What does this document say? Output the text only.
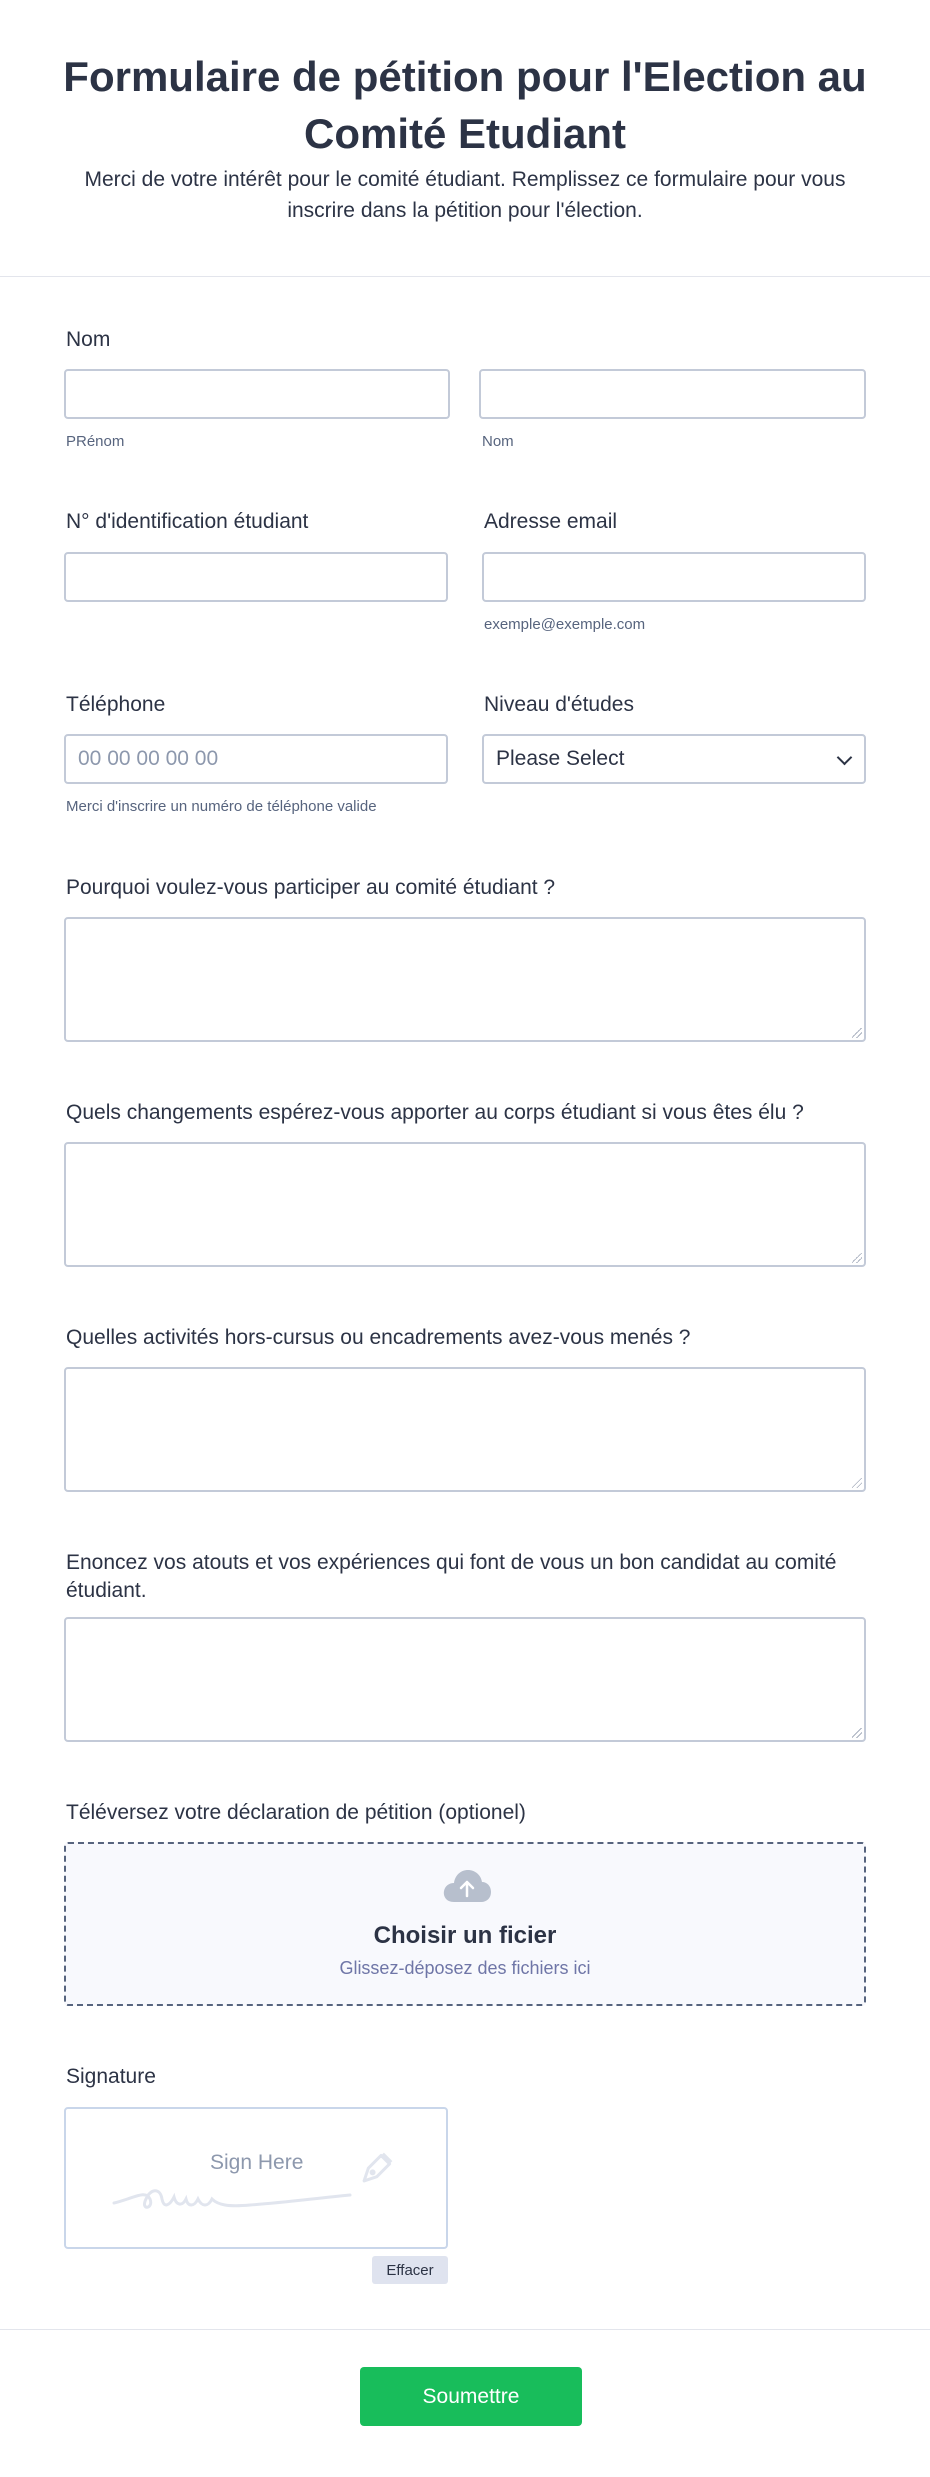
Formulaire de pétition pour l'Election au Comité Etudiant

Merci de votre intérêt pour le comité étudiant. Remplissez ce formulaire pour vous inscrire dans la pétition pour l'élection.

Nom
PRénom	Nom
N° d'identification étudiant	Adresse email
exemple@exemple.com
Téléphone
00 00 00 00 00
Merci d'inscrire un numéro de téléphone valide
Niveau d'études
Please Select
Pourquoi voulez-vous participer au comité étudiant ?
Quels changements espérez-vous apporter au corps étudiant si vous êtes élu ?
Quelles activités hors-cursus ou encadrements avez-vous menés ?
Enoncez vos atouts et vos expériences qui font de vous un bon candidat au comité étudiant.
Téléversez votre déclaration de pétition (optionel)
Choisir un ficier
Glissez-déposez des fichiers ici
Signature
Sign Here
Effacer
Soumettre
